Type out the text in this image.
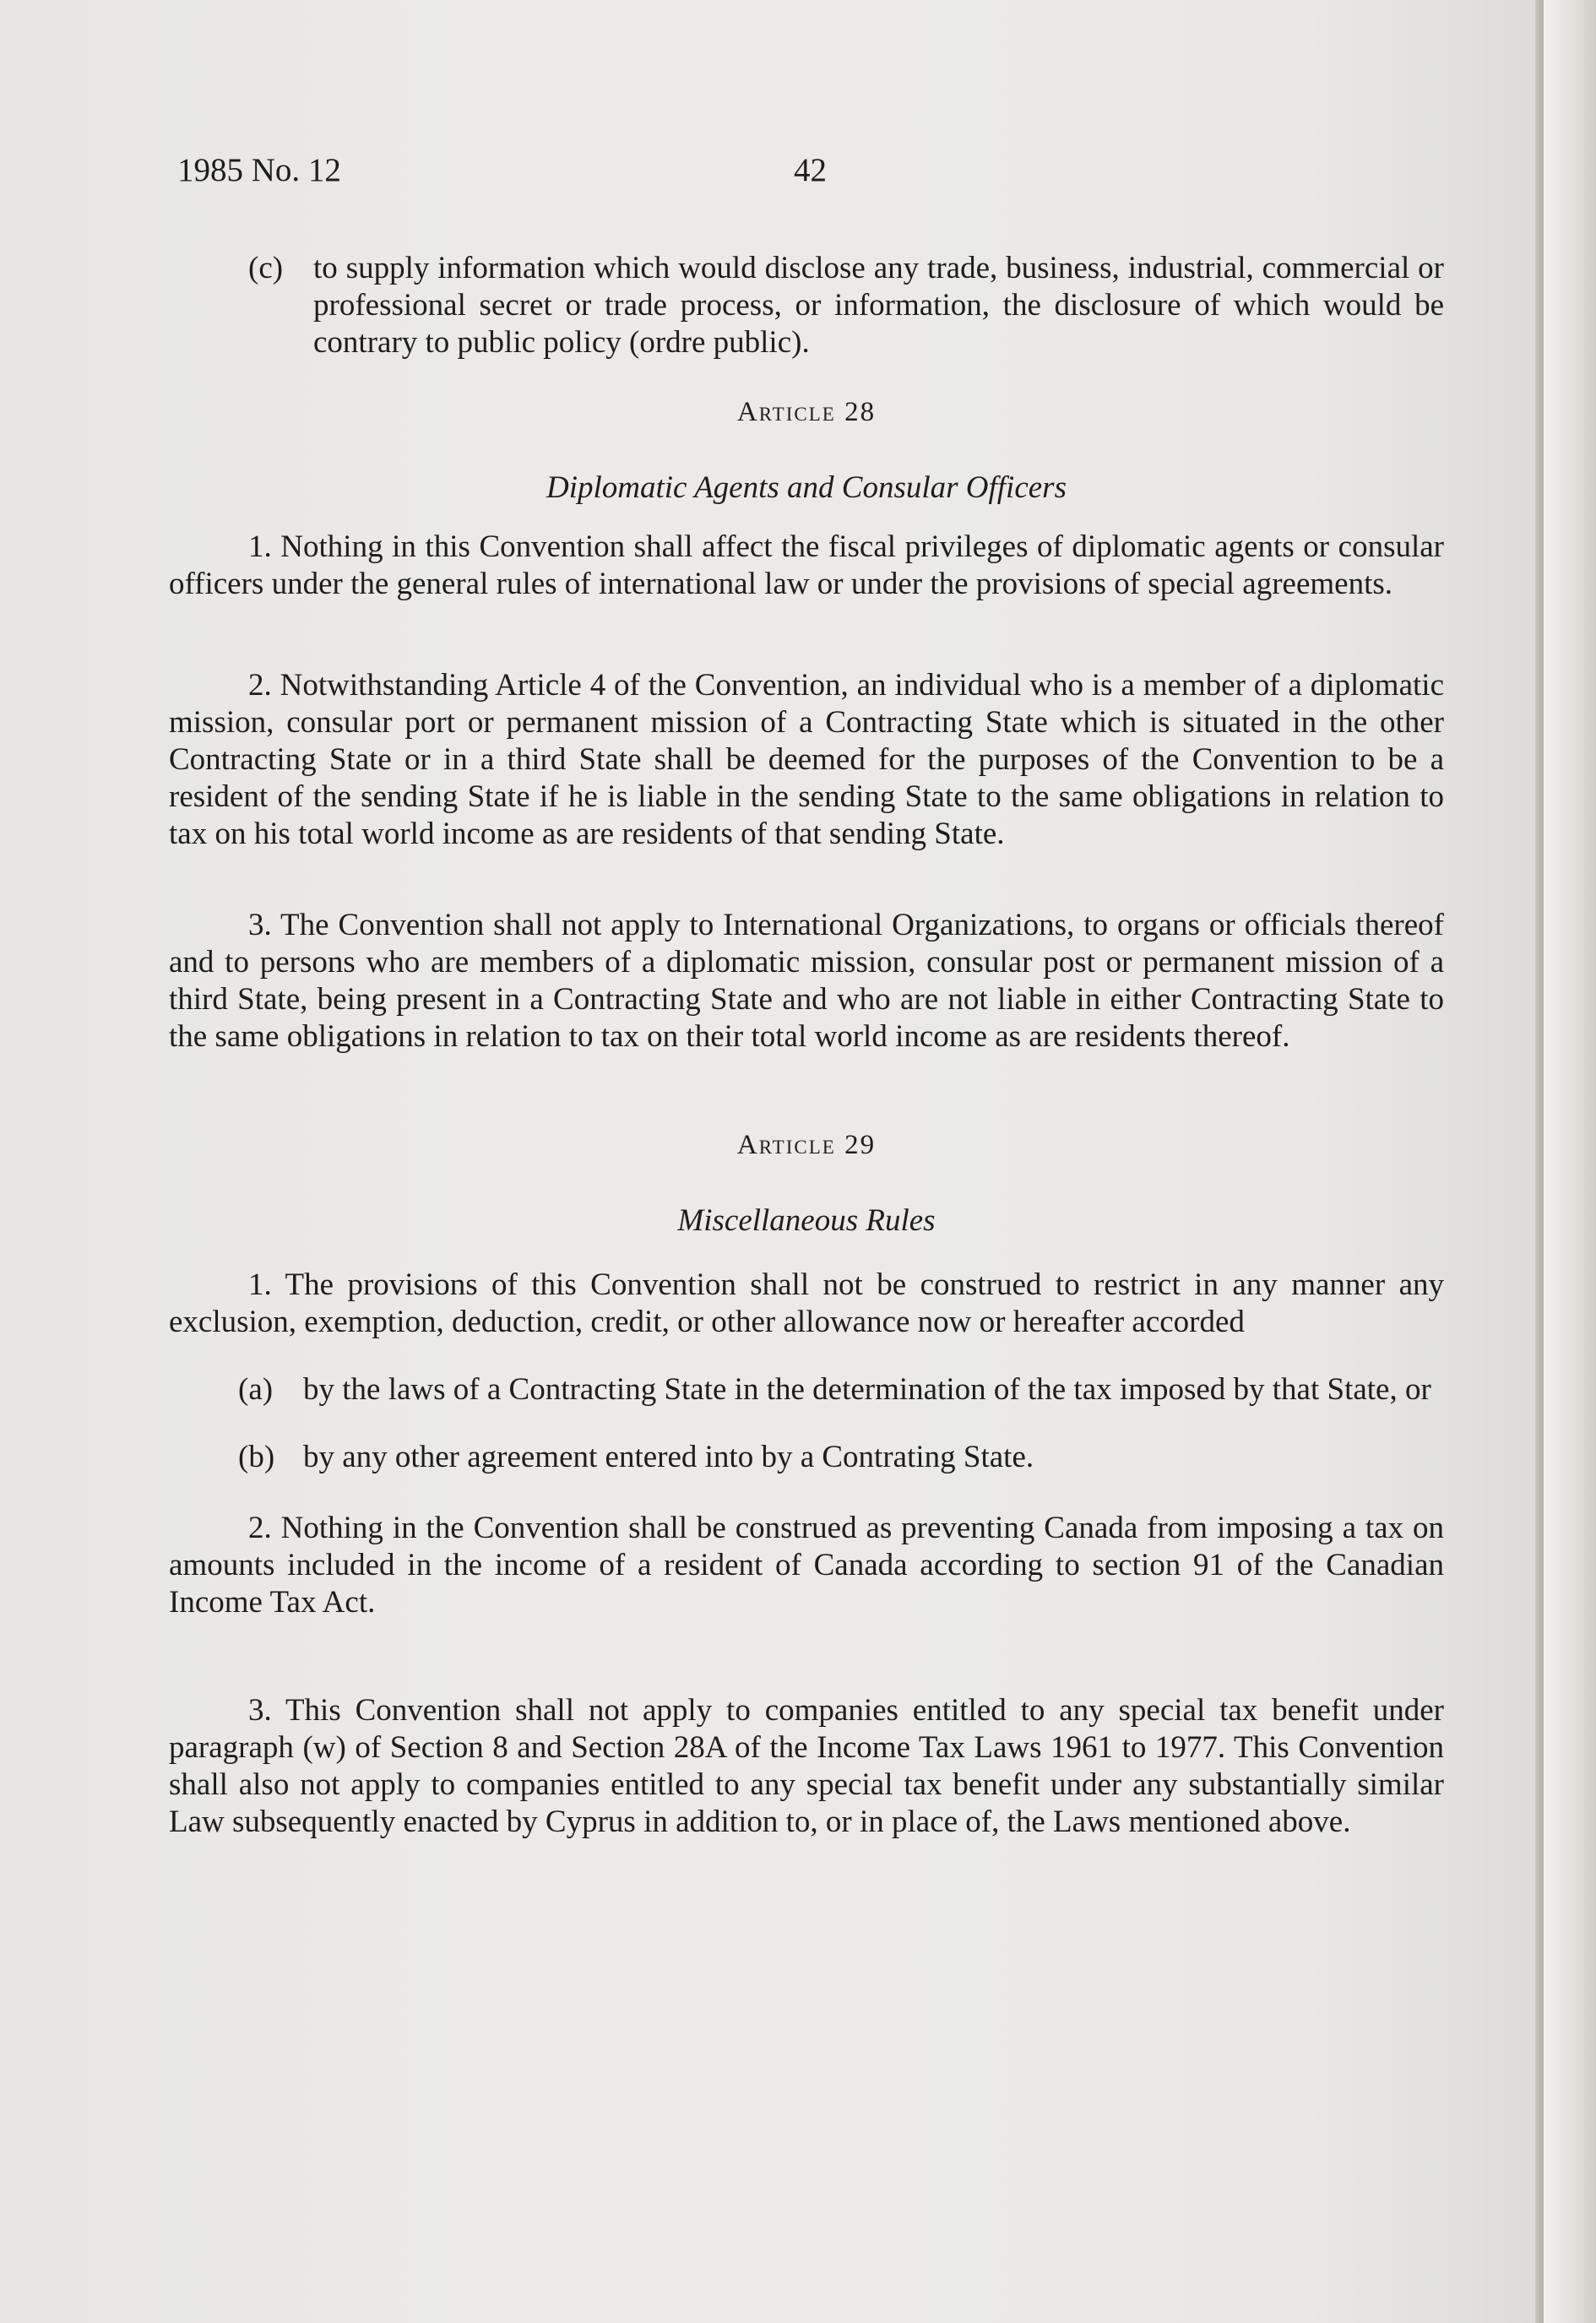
1985 No. 12	42
(c) to supply information which would disclose any trade, business, industrial, commercial or professional secret or trade process, or information, the disclosure of which would be contrary to public policy (ordre public).

Article 28

Diplomatic Agents and Consular Officers

1. Nothing in this Convention shall affect the fiscal privileges of diplomatic agents or consular officers under the general rules of international law or under the provisions of special agreements.

2. Notwithstanding Article 4 of the Convention, an individual who is a member of a diplomatic mission, consular port or permanent mission of a Contracting State which is situated in the other Contracting State or in a third State shall be deemed for the purposes of the Convention to be a resident of the sending State if he is liable in the sending State to the same obligations in relation to tax on his total world income as are residents of that sending State.

3. The Convention shall not apply to International Organizations, to organs or officials thereof and to persons who are members of a diplomatic mission, consular post or permanent mission of a third State, being present in a Contracting State and who are not liable in either Contracting State to the same obligations in relation to tax on their total world income as are residents thereof.

Article 29

Miscellaneous Rules

1. The provisions of this Convention shall not be construed to restrict in any manner any exclusion, exemption, deduction, credit, or other allowance now or hereafter accorded

(a) by the laws of a Contracting State in the determination of the tax imposed by that State, or
(b) by any other agreement entered into by a Contrating State.

2. Nothing in the Convention shall be construed as preventing Canada from imposing a tax on amounts included in the income of a resident of Canada according to section 91 of the Canadian Income Tax Act.

3. This Convention shall not apply to companies entitled to any special tax benefit under paragraph (w) of Section 8 and Section 28A of the Income Tax Laws 1961 to 1977. This Convention shall also not apply to companies entitled to any special tax benefit under any substantially similar Law subsequently enacted by Cyprus in addition to, or in place of, the Laws mentioned above.
